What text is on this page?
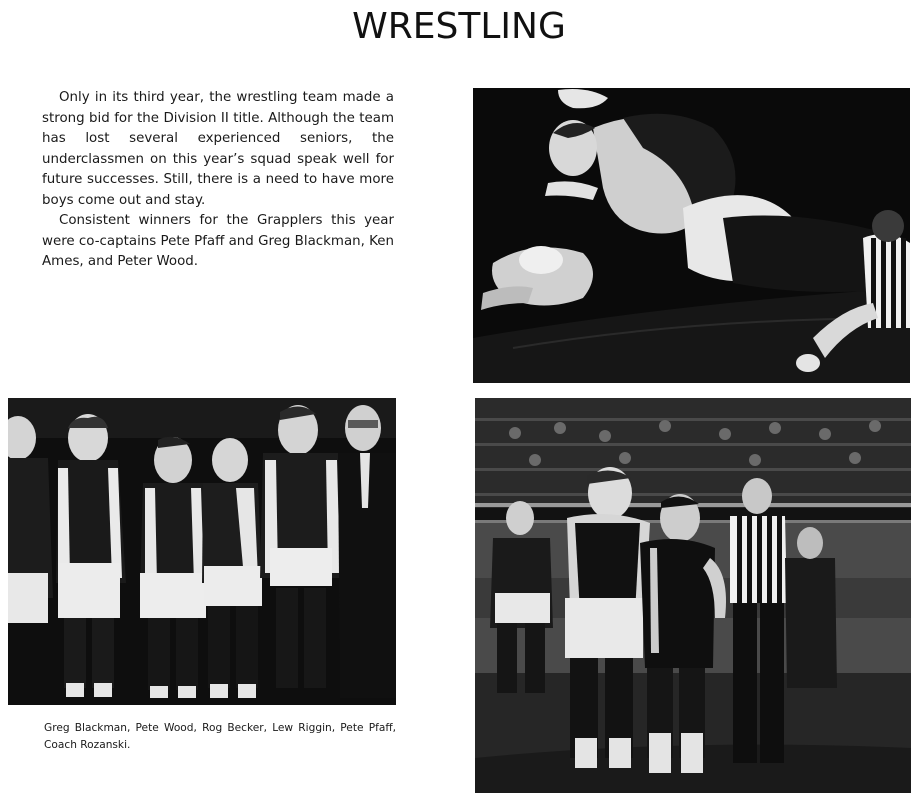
WRESTLING

Only in its third year, the wrestling team made a strong bid for the Division II title. Although the team has lost several experienced seniors, the underclassmen on this year’s squad speak well for future successes. Still, there is a need to have more boys come out and stay.

Consistent winners for the Grapplers this year were co-captains Pete Pfaff and Greg Blackman, Ken Ames, and Peter Wood.

Greg Blackman, Pete Wood, Rog Becker, Lew Riggin, Pete Pfaff, Coach Rozanski.
